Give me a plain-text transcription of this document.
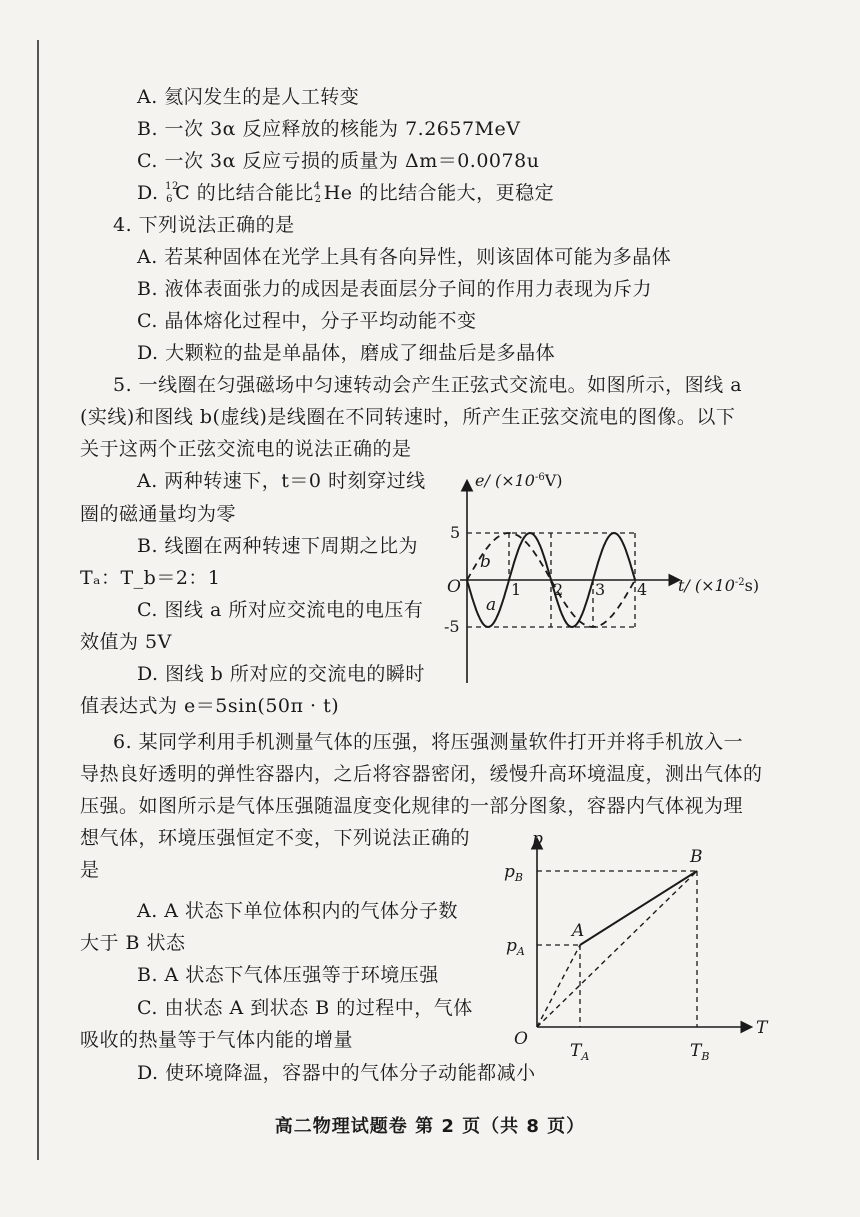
A. 氦闪发生的是人工转变
B. 一次 3α 反应释放的核能为 7.2657MeV
C. 一次 3α 反应亏损的质量为 Δm＝0.0078u
D. 12
6 C 的比结合能比 4
2 He 的比结合能大，更稳定
4. 下列说法正确的是
A. 若某种固体在光学上具有各向异性，则该固体可能为多晶体
B. 液体表面张力的成因是表面层分子间的作用力表现为斥力
C. 晶体熔化过程中，分子平均动能不变
D. 大颗粒的盐是单晶体，磨成了细盐后是多晶体
5. 一线圈在匀强磁场中匀速转动会产生正弦式交流电。如图所示，图线 a
(实线)和图线 b(虚线)是线圈在不同转速时，所产生正弦交流电的图像。以下
关于这两个正弦交流电的说法正确的是
A. 两种转速下，t＝0 时刻穿过线
圈的磁通量均为零
B. 线圈在两种转速下周期之比为
Tₐ：T_b＝2：1
C. 图线 a 所对应交流电的电压有
效值为 5V
D. 图线 b 所对应的交流电的瞬时
值表达式为 e＝5sin(50π · t)
e/ $(\times 10^{-6}V)$
t/ $(\times 10^{-2}s)$
O
5
-5
1 2 3 4
a
b
6. 某同学利用手机测量气体的压强，将压强测量软件打开并将手机放入一
导热良好透明的弹性容器内，之后将容器密闭，缓慢升高环境温度，测出气体的
压强。如图所示是气体压强随温度变化规律的一部分图象，容器内气体视为理
想气体，环境压强恒定不变，下列说法正确的
是
A. A 状态下单位体积内的气体分子数
大于 B 状态
B. A 状态下气体压强等于环境压强
C. 由状态 A 到状态 B 的过程中，气体
吸收的热量等于气体内能的增量
D. 使环境降温，容器中的气体分子动能都减小
p
T
O
$p_B$
$p_A$
$T_A$	$T_B$
A
B
高二物理试题卷 第 2 页（共 8 页）
